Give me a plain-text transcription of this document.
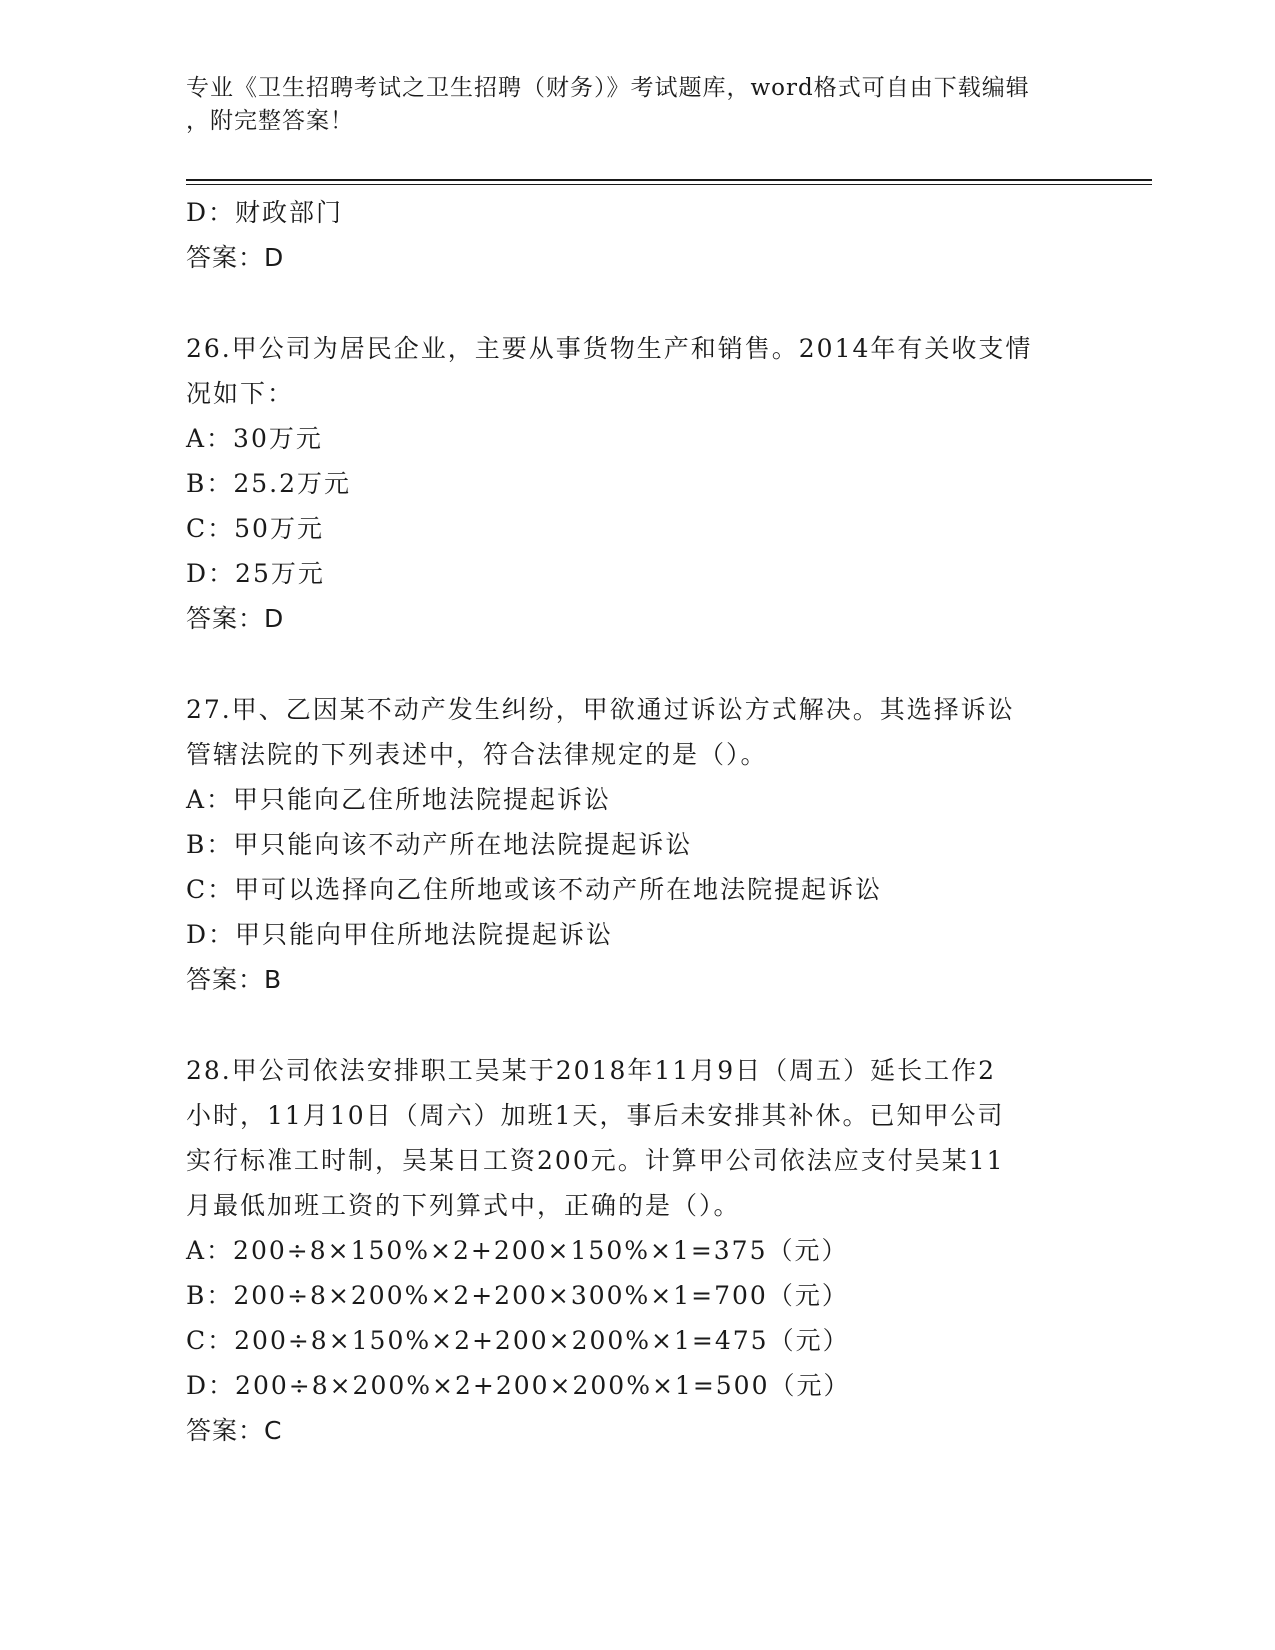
专业《卫生招聘考试之卫生招聘（财务）》考试题库，word格式可自由下载编辑
，附完整答案！
D：财政部门
答案：D
26.甲公司为居民企业，主要从事货物生产和销售。2014年有关收支情
况如下：
A：30万元
B：25.2万元
C：50万元
D：25万元
答案：D
27.甲、乙因某不动产发生纠纷，甲欲通过诉讼方式解决。其选择诉讼
管辖法院的下列表述中，符合法律规定的是（）。
A：甲只能向乙住所地法院提起诉讼
B：甲只能向该不动产所在地法院提起诉讼
C：甲可以选择向乙住所地或该不动产所在地法院提起诉讼
D：甲只能向甲住所地法院提起诉讼
答案：B
28.甲公司依法安排职工吴某于2018年11月9日（周五）延长工作2
小时，11月10日（周六）加班1天，事后未安排其补休。已知甲公司
实行标准工时制，吴某日工资200元。计算甲公司依法应支付吴某11
月最低加班工资的下列算式中，正确的是（）。
A：200÷8×150%×2+200×150%×1=375（元）
B：200÷8×200%×2+200×300%×1=700（元）
C：200÷8×150%×2+200×200%×1=475（元）
D：200÷8×200%×2+200×200%×1=500（元）
答案：C
